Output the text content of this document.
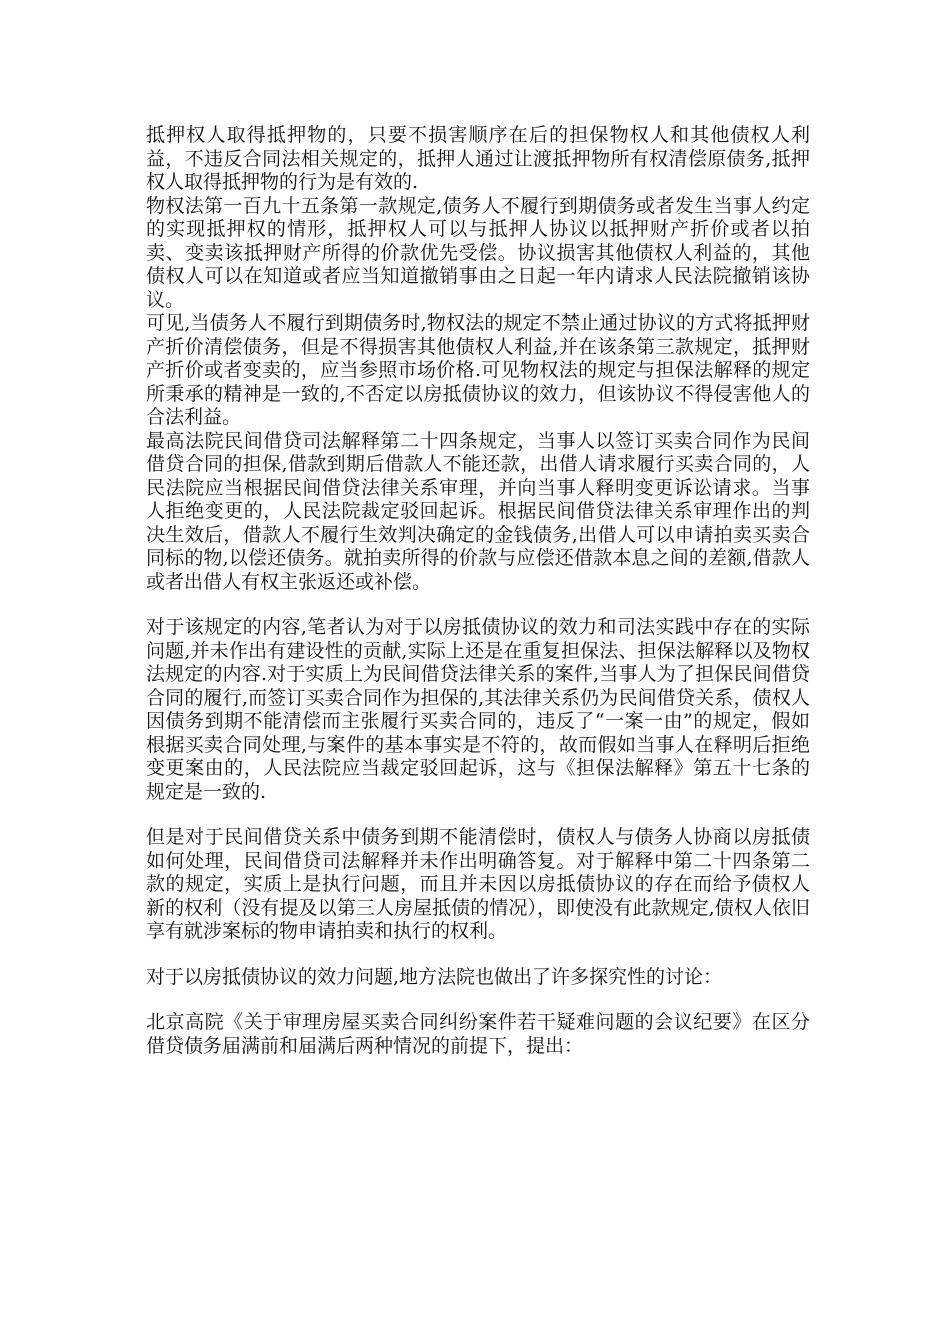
抵押权人取得抵押物的，只要不损害顺序在后的担保物权人和其他债权人利益，不违反合同法相关规定的，抵押人通过让渡抵押物所有权清偿原债务,抵押权人取得抵押物的行为是有效的.

物权法第一百九十五条第一款规定,债务人不履行到期债务或者发生当事人约定的实现抵押权的情形，抵押权人可以与抵押人协议以抵押财产折价或者以拍卖、变卖该抵押财产所得的价款优先受偿。协议损害其他债权人利益的，其他债权人可以在知道或者应当知道撤销事由之日起一年内请求人民法院撤销该协议。

可见,当债务人不履行到期债务时,物权法的规定不禁止通过协议的方式将抵押财产折价清偿债务，但是不得损害其他债权人利益,并在该条第三款规定，抵押财产折价或者变卖的，应当参照市场价格.可见物权法的规定与担保法解释的规定所秉承的精神是一致的,不否定以房抵债协议的效力，但该协议不得侵害他人的合法利益。

最高法院民间借贷司法解释第二十四条规定，当事人以签订买卖合同作为民间借贷合同的担保,借款到期后借款人不能还款，出借人请求履行买卖合同的，人民法院应当根据民间借贷法律关系审理，并向当事人释明变更诉讼请求。当事人拒绝变更的，人民法院裁定驳回起诉。根据民间借贷法律关系审理作出的判决生效后，借款人不履行生效判决确定的金钱债务,出借人可以申请拍卖买卖合同标的物,以偿还债务。就拍卖所得的价款与应偿还借款本息之间的差额,借款人或者出借人有权主张返还或补偿。

对于该规定的内容,笔者认为对于以房抵债协议的效力和司法实践中存在的实际问题,并未作出有建设性的贡献,实际上还是在重复担保法、担保法解释以及物权法规定的内容.对于实质上为民间借贷法律关系的案件,当事人为了担保民间借贷合同的履行,而签订买卖合同作为担保的,其法律关系仍为民间借贷关系，债权人因债务到期不能清偿而主张履行买卖合同的，违反了“一案一由”的规定，假如根据买卖合同处理,与案件的基本事实是不符的，故而假如当事人在释明后拒绝变更案由的，人民法院应当裁定驳回起诉，这与《担保法解释》第五十七条的规定是一致的.

但是对于民间借贷关系中债务到期不能清偿时，债权人与债务人协商以房抵债如何处理，民间借贷司法解释并未作出明确答复。对于解释中第二十四条第二款的规定，实质上是执行问题，而且并未因以房抵债协议的存在而给予债权人新的权利（没有提及以第三人房屋抵债的情况），即使没有此款规定,债权人依旧享有就涉案标的物申请拍卖和执行的权利。

对于以房抵债协议的效力问题,地方法院也做出了许多探究性的讨论：

北京高院《关于审理房屋买卖合同纠纷案件若干疑难问题的会议纪要》在区分借贷债务届满前和届满后两种情况的前提下，提出：
